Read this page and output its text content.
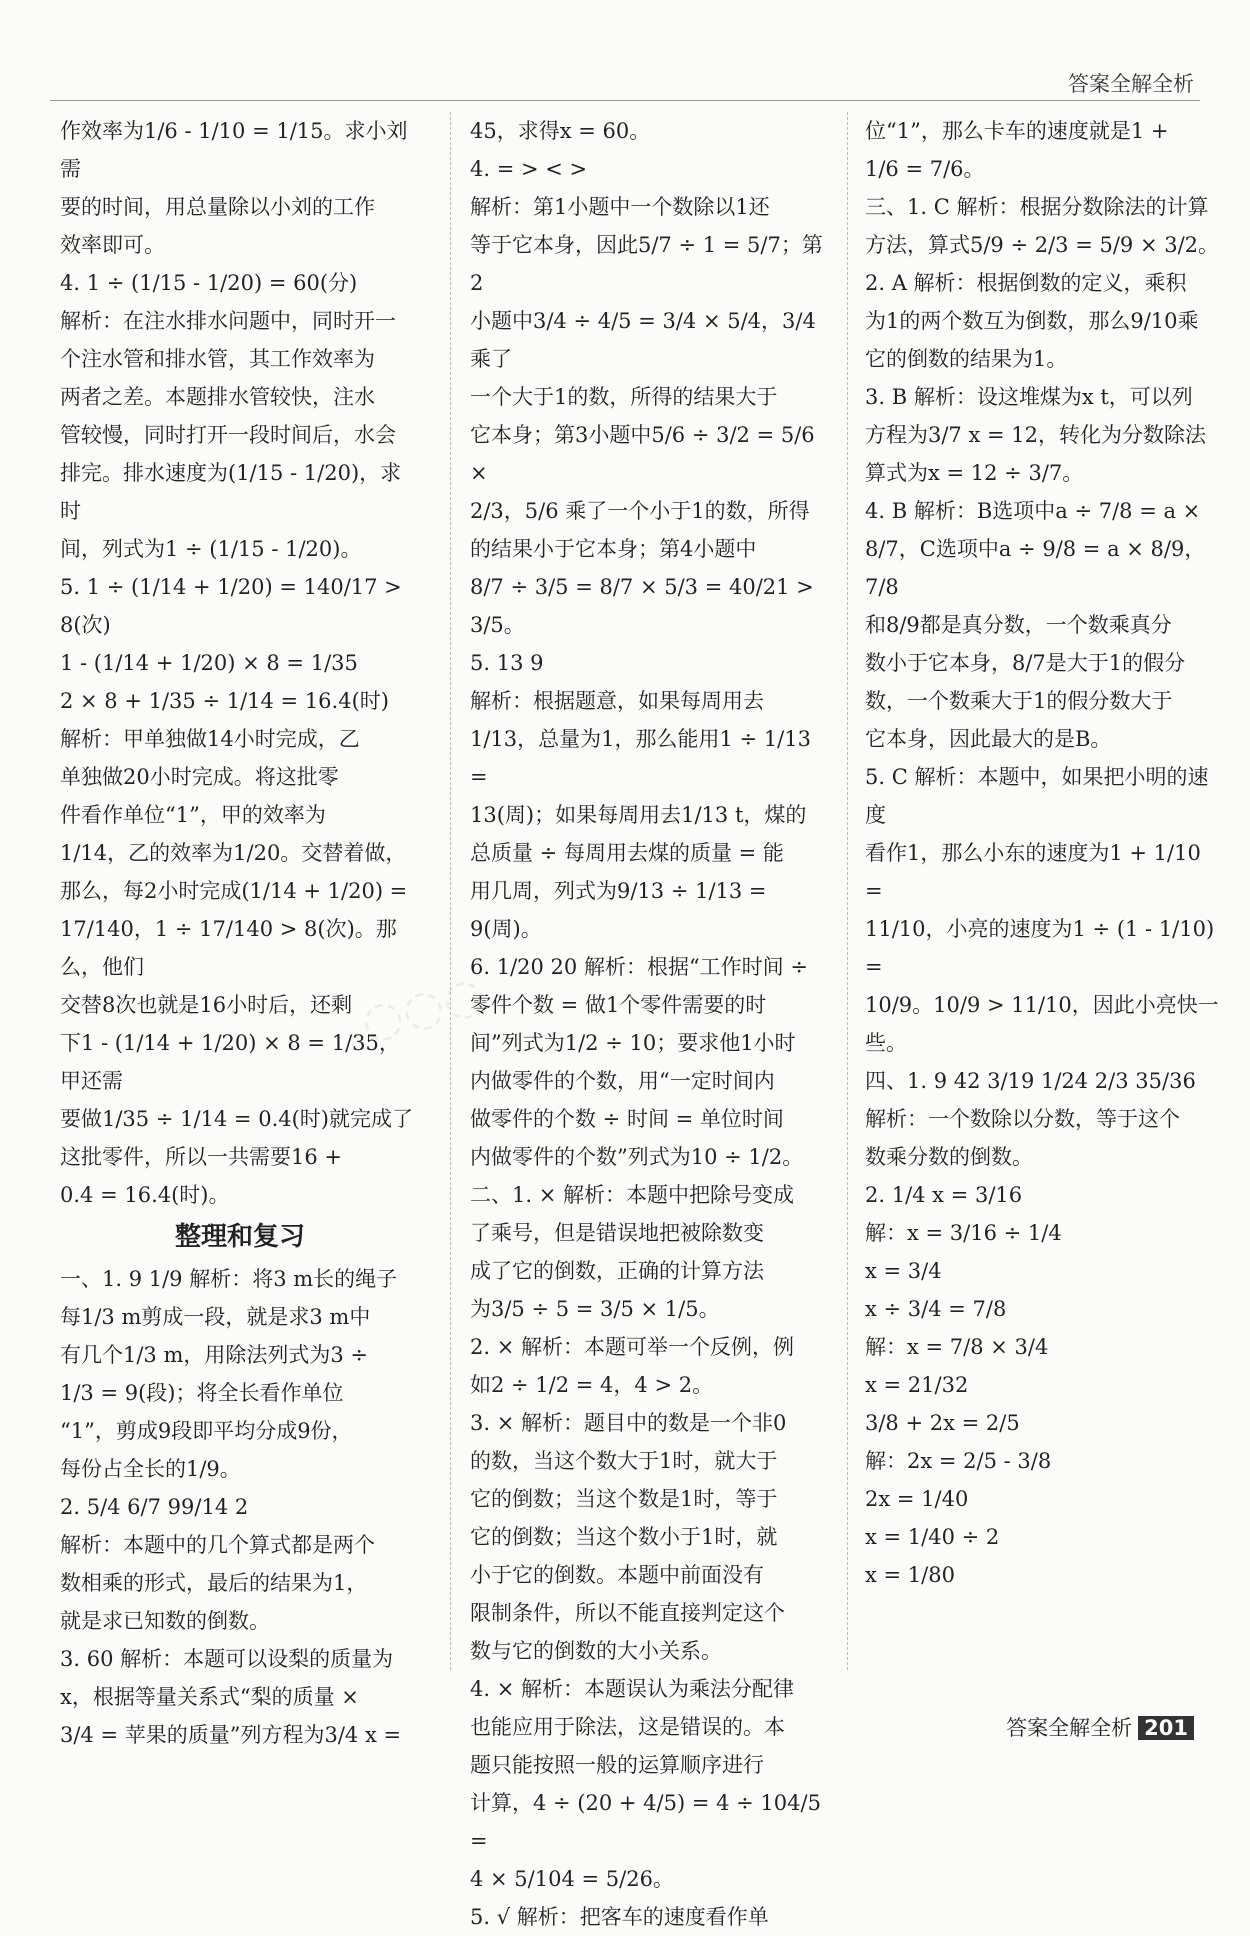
答案全解全析
作效率为1/6 - 1/10 = 1/15。求小刘需
要的时间，用总量除以小刘的工作
效率即可。
4. 1 ÷ (1/15 - 1/20) = 60(分)
解析：在注水排水问题中，同时开一
个注水管和排水管，其工作效率为
两者之差。本题排水管较快，注水
管较慢，同时打开一段时间后，水会
排完。排水速度为(1/15 - 1/20)，求时
间，列式为1 ÷ (1/15 - 1/20)。
5. 1 ÷ (1/14 + 1/20) = 140/17 > 8(次)
1 - (1/14 + 1/20) × 8 = 1/35
2 × 8 + 1/35 ÷ 1/14 = 16.4(时)
解析：甲单独做14小时完成，乙
单独做20小时完成。将这批零
件看作单位“1”，甲的效率为
1/14，乙的效率为1/20。交替着做，
那么，每2小时完成(1/14 + 1/20) =
17/140，1 ÷ 17/140 > 8(次)。那么，他们
交替8次也就是16小时后，还剩
下1 - (1/14 + 1/20) × 8 = 1/35，甲还需
要做1/35 ÷ 1/14 = 0.4(时)就完成了
这批零件，所以一共需要16 +
0.4 = 16.4(时)。
整理和复习
一、1. 9 1/9 解析：将3 m长的绳子
每1/3 m剪成一段，就是求3 m中
有几个1/3 m，用除法列式为3 ÷
1/3 = 9(段)；将全长看作单位
“1”，剪成9段即平均分成9份，
每份占全长的1/9。
2. 5/4 6/7 99/14 2
解析：本题中的几个算式都是两个
数相乘的形式，最后的结果为1，
就是求已知数的倒数。
3. 60 解析：本题可以设梨的质量为
x，根据等量关系式“梨的质量 ×
3/4 = 苹果的质量”列方程为3/4 x =
45，求得x = 60。
4. = > < >
解析：第1小题中一个数除以1还
等于它本身，因此5/7 ÷ 1 = 5/7；第2
小题中3/4 ÷ 4/5 = 3/4 × 5/4，3/4 乘了
一个大于1的数，所得的结果大于
它本身；第3小题中5/6 ÷ 3/2 = 5/6 ×
2/3，5/6 乘了一个小于1的数，所得
的结果小于它本身；第4小题中
8/7 ÷ 3/5 = 8/7 × 5/3 = 40/21 > 3/5。
5. 13 9
解析：根据题意，如果每周用去
1/13，总量为1，那么能用1 ÷ 1/13 =
13(周)；如果每周用去1/13 t，煤的
总质量 ÷ 每周用去煤的质量 = 能
用几周，列式为9/13 ÷ 1/13 = 9(周)。
6. 1/20 20 解析：根据“工作时间 ÷
零件个数 = 做1个零件需要的时
间”列式为1/2 ÷ 10；要求他1小时
内做零件的个数，用“一定时间内
做零件的个数 ÷ 时间 = 单位时间
内做零件的个数”列式为10 ÷ 1/2。
二、1. × 解析：本题中把除号变成
了乘号，但是错误地把被除数变
成了它的倒数，正确的计算方法
为3/5 ÷ 5 = 3/5 × 1/5。
2. × 解析：本题可举一个反例，例
如2 ÷ 1/2 = 4，4 > 2。
3. × 解析：题目中的数是一个非0
的数，当这个数大于1时，就大于
它的倒数；当这个数是1时，等于
它的倒数；当这个数小于1时，就
小于它的倒数。本题中前面没有
限制条件，所以不能直接判定这个
数与它的倒数的大小关系。
4. × 解析：本题误认为乘法分配律
也能应用于除法，这是错误的。本
题只能按照一般的运算顺序进行
计算，4 ÷ (20 + 4/5) = 4 ÷ 104/5 =
4 × 5/104 = 5/26。
5. √ 解析：把客车的速度看作单
位“1”，那么卡车的速度就是1 +
1/6 = 7/6。
三、1. C 解析：根据分数除法的计算
方法，算式5/9 ÷ 2/3 = 5/9 × 3/2。
2. A 解析：根据倒数的定义，乘积
为1的两个数互为倒数，那么9/10乘
它的倒数的结果为1。
3. B 解析：设这堆煤为x t，可以列
方程为3/7 x = 12，转化为分数除法
算式为x = 12 ÷ 3/7。
4. B 解析：B选项中a ÷ 7/8 = a ×
8/7，C选项中a ÷ 9/8 = a × 8/9，7/8
和8/9都是真分数，一个数乘真分
数小于它本身，8/7是大于1的假分
数，一个数乘大于1的假分数大于
它本身，因此最大的是B。
5. C 解析：本题中，如果把小明的速度
看作1，那么小东的速度为1 + 1/10 =
11/10，小亮的速度为1 ÷ (1 - 1/10) =
10/9。10/9 > 11/10，因此小亮快一些。
四、1. 9 42 3/19 1/24 2/3 35/36
解析：一个数除以分数，等于这个
数乘分数的倒数。
2. 1/4 x = 3/16
解：x = 3/16 ÷ 1/4
x = 3/4
x ÷ 3/4 = 7/8
解：x = 7/8 × 3/4
x = 21/32
3/8 + 2x = 2/5
解：2x = 2/5 - 3/8
2x = 1/40
x = 1/40 ÷ 2
x = 1/80
◌◌◌
答案全解全析 201
